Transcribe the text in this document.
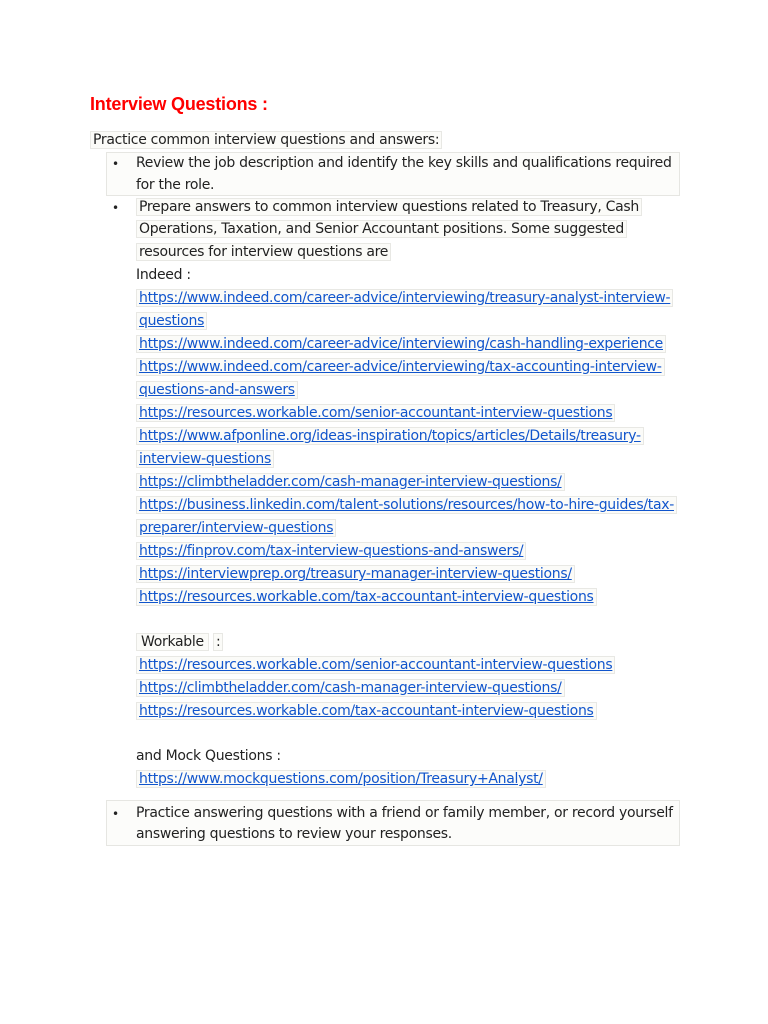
Interview Questions :
Practice common interview questions and answers:
• Review the job description and identify the key skills and qualifications required
for the role.
• Prepare answers to common interview questions related to Treasury, Cash
Operations, Taxation, and Senior Accountant positions. Some suggested
resources for interview questions are
Indeed :
https://www.indeed.com/career-advice/interviewing/treasury-analyst-interview-
questions
https://www.indeed.com/career-advice/interviewing/cash-handling-experience
https://www.indeed.com/career-advice/interviewing/tax-accounting-interview-
questions-and-answers
https://resources.workable.com/senior-accountant-interview-questions
https://www.afponline.org/ideas-inspiration/topics/articles/Details/treasury-
interview-questions
https://climbtheladder.com/cash-manager-interview-questions/
https://business.linkedin.com/talent-solutions/resources/how-to-hire-guides/tax-
preparer/interview-questions
https://finprov.com/tax-interview-questions-and-answers/
https://interviewprep.org/treasury-manager-interview-questions/
https://resources.workable.com/tax-accountant-interview-questions
Workable :
https://resources.workable.com/senior-accountant-interview-questions
https://climbtheladder.com/cash-manager-interview-questions/
https://resources.workable.com/tax-accountant-interview-questions
and Mock Questions :
https://www.mockquestions.com/position/Treasury+Analyst/
• Practice answering questions with a friend or family member, or record yourself
answering questions to review your responses.
